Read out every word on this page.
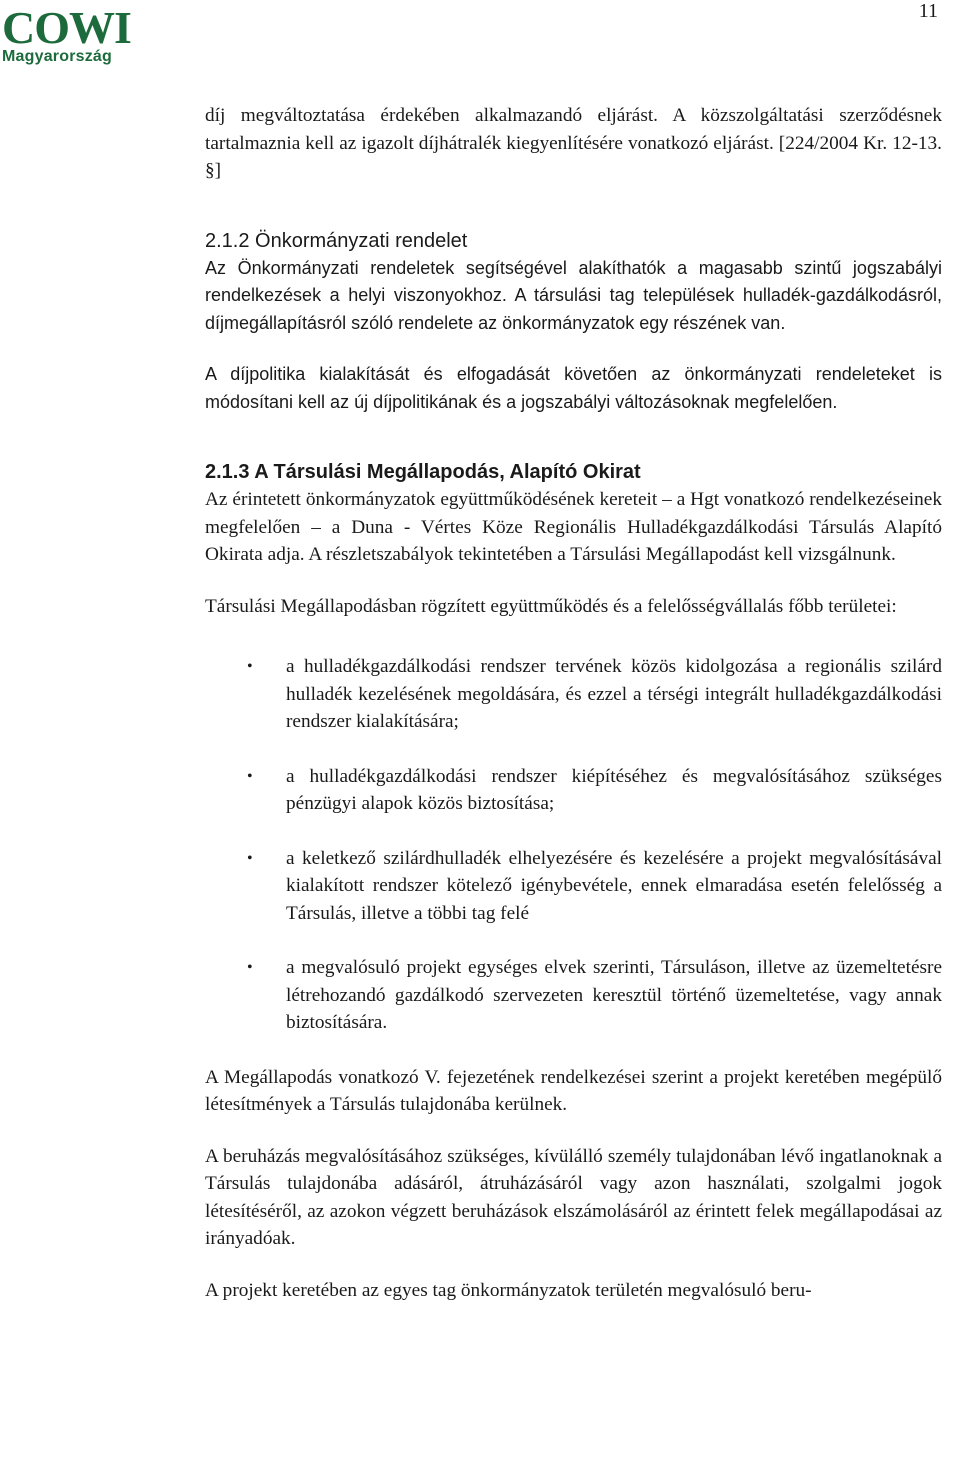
COWI
Magyarország
11

díj megváltoztatása érdekében alkalmazandó eljárást. A közszolgáltatási szerződésnek tartalmaznia kell az igazolt díjhátralék kiegyenlítésére vonatkozó eljárást. [224/2004 Kr. 12-13. §]

2.1.2 Önkormányzati rendelet

Az Önkormányzati rendeletek segítségével alakíthatók a magasabb szintű jogszabályi rendelkezések a helyi viszonyokhoz. A társulási tag települések hulladék-gazdálkodásról, díjmegállapításról szóló rendelete az önkormányzatok egy részének van.

A díjpolitika kialakítását és elfogadását követően az önkormányzati rendeleteket is módosítani kell az új díjpolitikának és a jogszabályi változásoknak megfelelően.

2.1.3 A Társulási Megállapodás, Alapító Okirat

Az érintetett önkormányzatok együttműködésének kereteit – a Hgt vonatkozó rendelkezéseinek megfelelően – a Duna - Vértes Köze Regionális Hulladékgazdálkodási Társulás Alapító Okirata adja. A részletszabályok tekintetében a Társulási Megállapodást kell vizsgálnunk.

Társulási Megállapodásban rögzített együttműködés és a felelősségvállalás főbb területei:

• a hulladékgazdálkodási rendszer tervének közös kidolgozása a regionális szilárd hulladék kezelésének megoldására, és ezzel a térségi integrált hulladékgazdálkodási rendszer kialakítására;
• a hulladékgazdálkodási rendszer kiépítéséhez és megvalósításához szükséges pénzügyi alapok közös biztosítása;
• a keletkező szilárdhulladék elhelyezésére és kezelésére a projekt megvalósításával kialakított rendszer kötelező igénybevétele, ennek elmaradása esetén felelősség a Társulás, illetve a többi tag felé
• a megvalósuló projekt egységes elvek szerinti, Társuláson, illetve az üzemeltetésre létrehozandó gazdálkodó szervezeten keresztül történő üzemeltetése, vagy annak biztosítására.

A Megállapodás vonatkozó V. fejezetének rendelkezései szerint a projekt keretében megépülő létesítmények a Társulás tulajdonába kerülnek.

A beruházás megvalósításához szükséges, kívülálló személy tulajdonában lévő ingatlanoknak a Társulás tulajdonába adásáról, átruházásáról vagy azon használati, szolgalmi jogok létesítéséről, az azokon végzett beruházások elszámolásáról az érintett felek megállapodásai az irányadóak.

A projekt keretében az egyes tag önkormányzatok területén megvalósuló beru-
